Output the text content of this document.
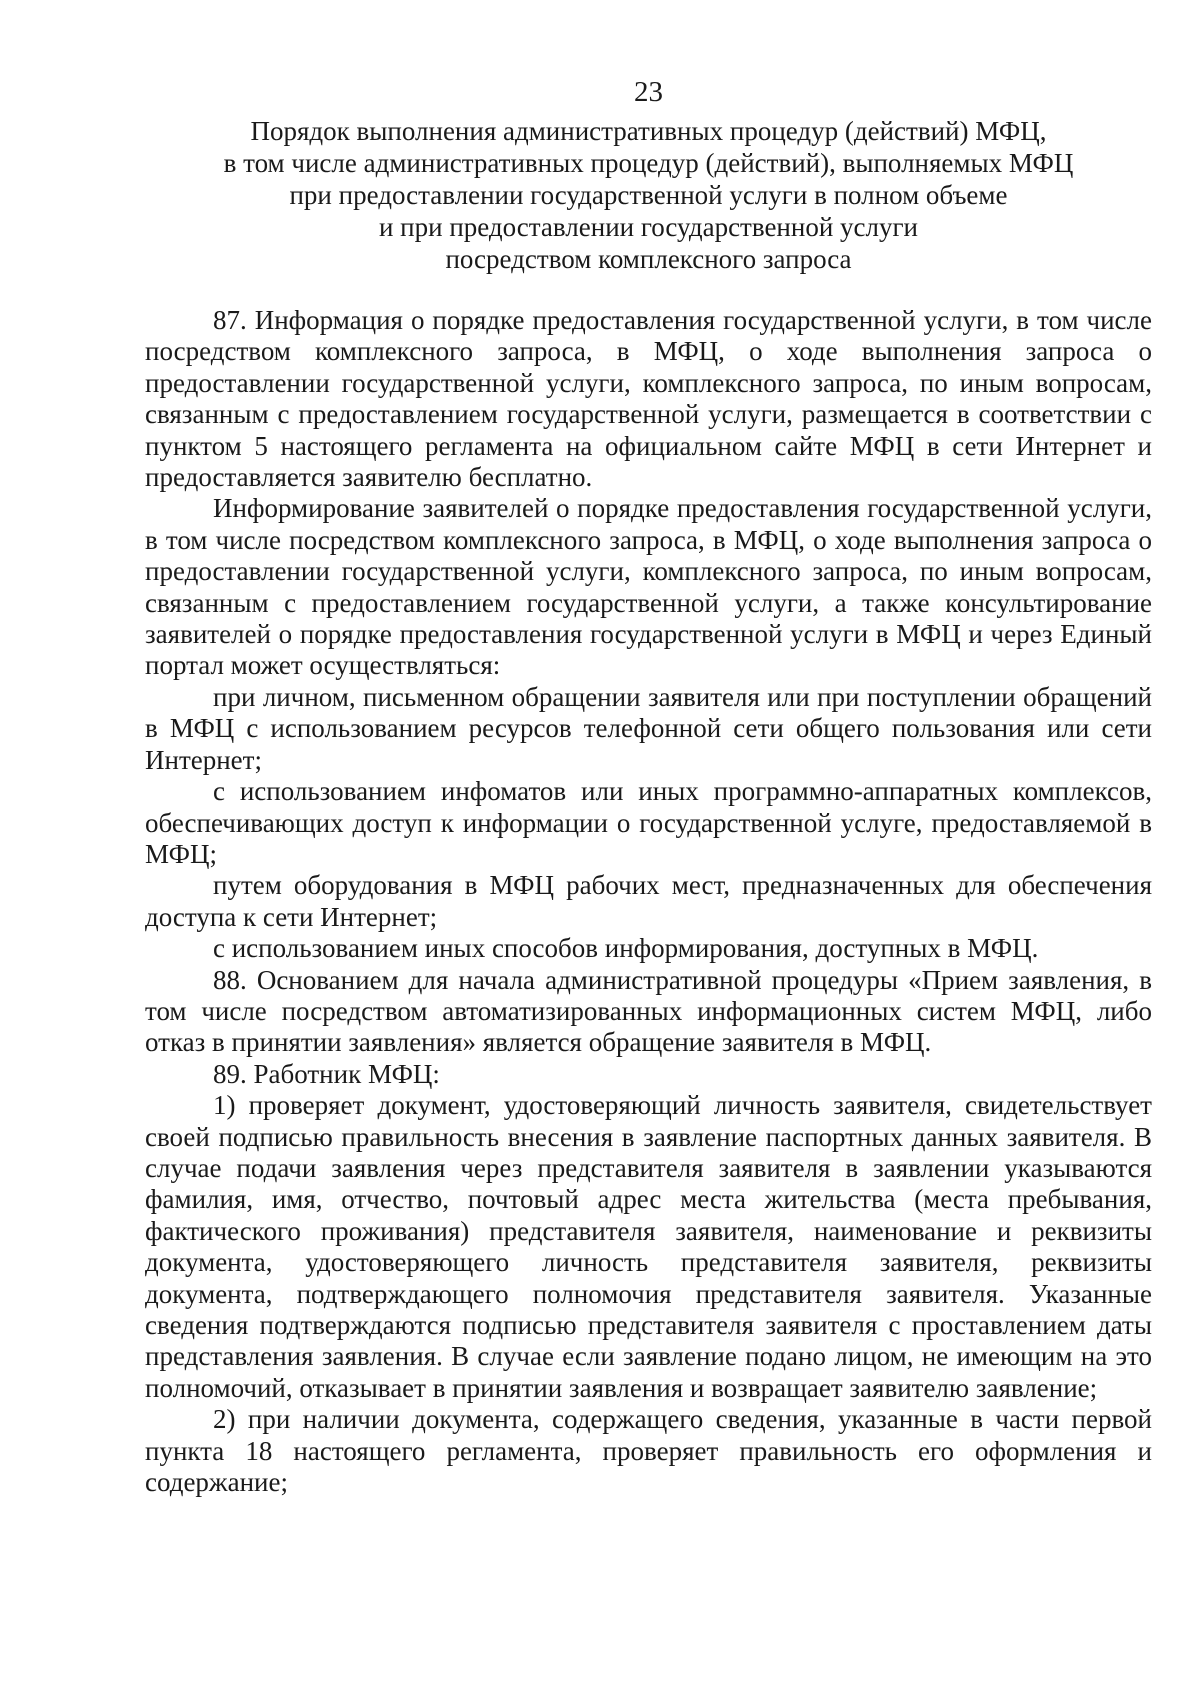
23
Порядок выполнения административных процедур (действий) МФЦ,
в том числе административных процедур (действий), выполняемых МФЦ
при предоставлении государственной услуги в полном объеме
и при предоставлении государственной услуги
посредством комплексного запроса

87. Информация о порядке предоставления государственной услуги, в том числе посредством комплексного запроса, в МФЦ, о ходе выполнения запроса о предоставлении государственной услуги, комплексного запроса, по иным вопросам, связанным с предоставлением государственной услуги, размещается в соответствии с пунктом 5 настоящего регламента на официальном сайте МФЦ в сети Интернет и предоставляется заявителю бесплатно.

Информирование заявителей о порядке предоставления государственной услуги, в том числе посредством комплексного запроса, в МФЦ, о ходе выполнения запроса о предоставлении государственной услуги, комплексного запроса, по иным вопросам, связанным с предоставлением государственной услуги, а также консультирование заявителей о порядке предоставления государственной услуги в МФЦ и через Единый портал может осуществляться:

при личном, письменном обращении заявителя или при поступлении обращений в МФЦ с использованием ресурсов телефонной сети общего пользования или сети Интернет;

с использованием инфоматов или иных программно-аппаратных комплексов, обеспечивающих доступ к информации о государственной услуге, предоставляемой в МФЦ;

путем оборудования в МФЦ рабочих мест, предназначенных для обеспечения доступа к сети Интернет;

с использованием иных способов информирования, доступных в МФЦ.

88. Основанием для начала административной процедуры «Прием заявления, в том числе посредством автоматизированных информационных систем МФЦ, либо отказ в принятии заявления» является обращение заявителя в МФЦ.

89. Работник МФЦ:

1) проверяет документ, удостоверяющий личность заявителя, свидетельствует своей подписью правильность внесения в заявление паспортных данных заявителя. В случае подачи заявления через представителя заявителя в заявлении указываются фамилия, имя, отчество, почтовый адрес места жительства (места пребывания, фактического проживания) представителя заявителя, наименование и реквизиты документа, удостоверяющего личность представителя заявителя, реквизиты документа, подтверждающего полномочия представителя заявителя. Указанные сведения подтверждаются подписью представителя заявителя с проставлением даты представления заявления. В случае если заявление подано лицом, не имеющим на это полномочий, отказывает в принятии заявления и возвращает заявителю заявление;

2) при наличии документа, содержащего сведения, указанные в части первой пункта 18 настоящего регламента, проверяет правильность его оформления и содержание;
